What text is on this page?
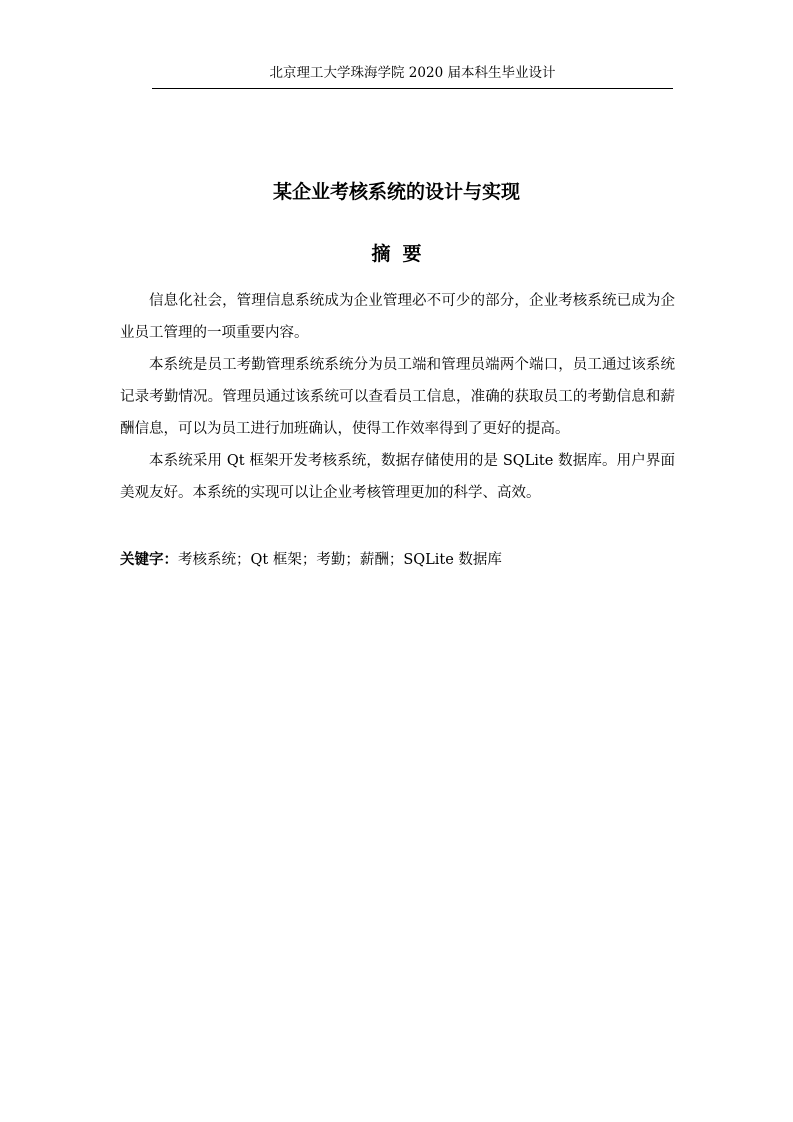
北京理工大学珠海学院 2020 届本科生毕业设计
某企业考核系统的设计与实现
摘要

信息化社会，管理信息系统成为企业管理必不可少的部分，企业考核系统已成为企业员工管理的一项重要内容。

本系统是员工考勤管理系统系统分为员工端和管理员端两个端口，员工通过该系统记录考勤情况。管理员通过该系统可以查看员工信息，准确的获取员工的考勤信息和薪酬信息，可以为员工进行加班确认，使得工作效率得到了更好的提高。

本系统采用 Qt 框架开发考核系统，数据存储使用的是 SQLite 数据库。用户界面美观友好。本系统的实现可以让企业考核管理更加的科学、高效。

关键字：考核系统；Qt 框架；考勤；薪酬；SQLite 数据库
